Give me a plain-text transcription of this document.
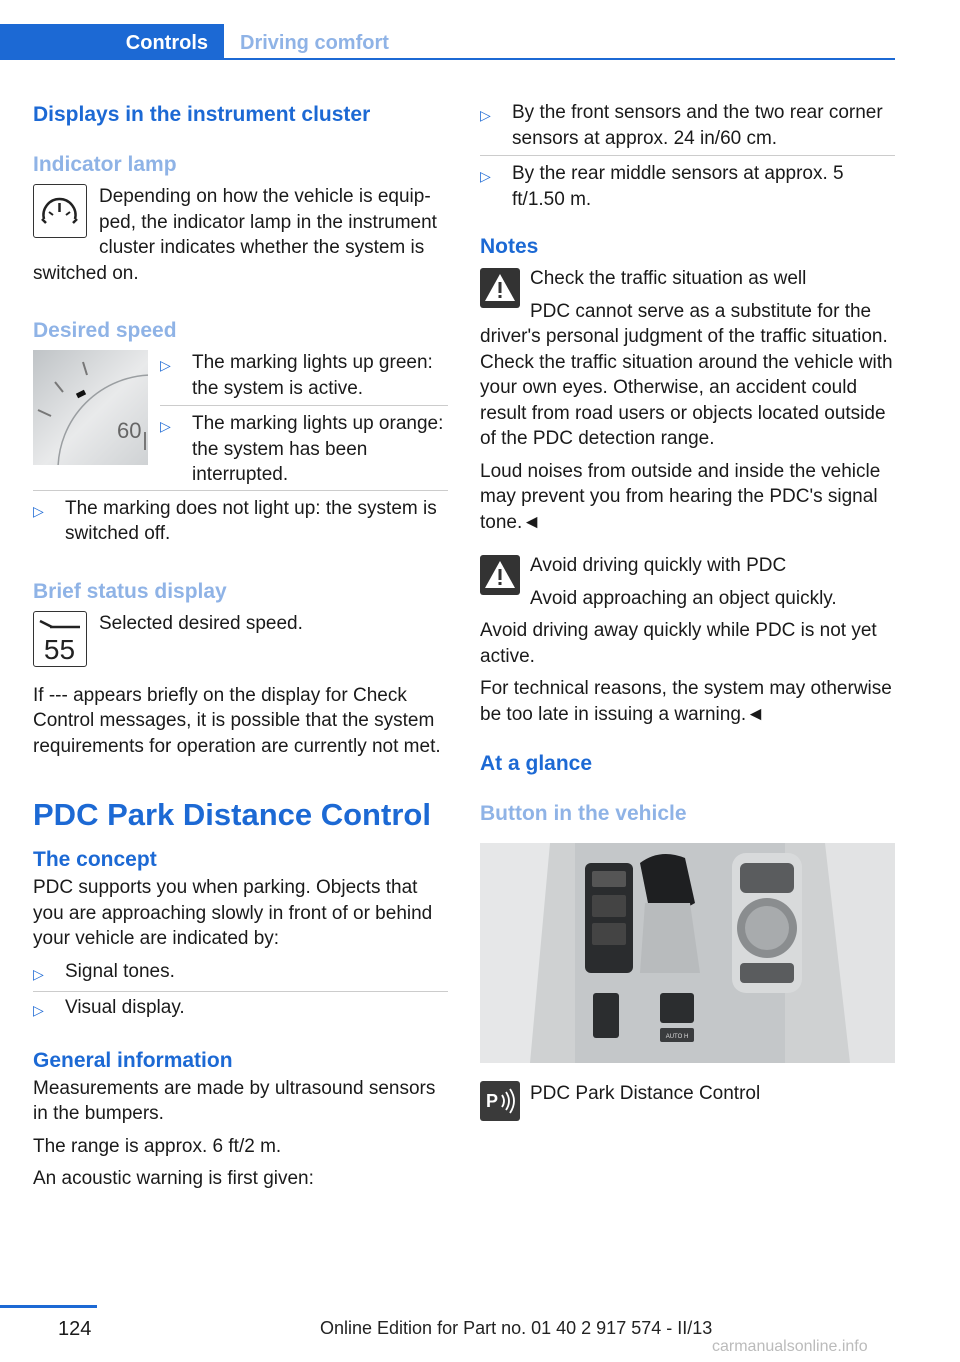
Controls	Driving comfort
Displays in the instrument cluster
Indicator lamp

Depending on how the vehicle is equipped, the indicator lamp in the instrument cluster indicates whether the system is switched on.

Desired speed
60
▷	The marking lights up green: the system is active.
▷	The marking lights up orange: the system has been interrupted.
▷	The marking does not light up: the system is switched off.
Brief status display
55

Selected desired speed.

If --- appears briefly on the display for Check Control messages, it is possible that the system requirements for operation are currently not met.

PDC Park Distance Control
The concept

PDC supports you when parking. Objects that you are approaching slowly in front of or behind your vehicle are indicated by:

▷	Signal tones.
▷	Visual display.
General information

Measurements are made by ultrasound sensors in the bumpers.

The range is approx. 6 ft/2 m.

An acoustic warning is first given:

▷	By the front sensors and the two rear corner sensors at approx. 24 in/60 cm.
▷	By the rear middle sensors at approx. 5 ft/1.50 m.
Notes

Check the traffic situation as well

PDC cannot serve as a substitute for the driver's personal judgment of the traffic situation. Check the traffic situation around the vehicle with your own eyes. Otherwise, an accident could result from road users or objects located outside of the PDC detection range.

Loud noises from outside and inside the vehicle may prevent you from hearing the PDC's signal tone.◄

Avoid driving quickly with PDC

Avoid approaching an object quickly.

Avoid driving away quickly while PDC is not yet active.

For technical reasons, the system may otherwise be too late in issuing a warning.◄

At a glance
Button in the vehicle
AUTO H
P	PDC Park Distance Control

124	Online Edition for Part no. 01 40 2 917 574 - II/13
carmanualsonline.info
